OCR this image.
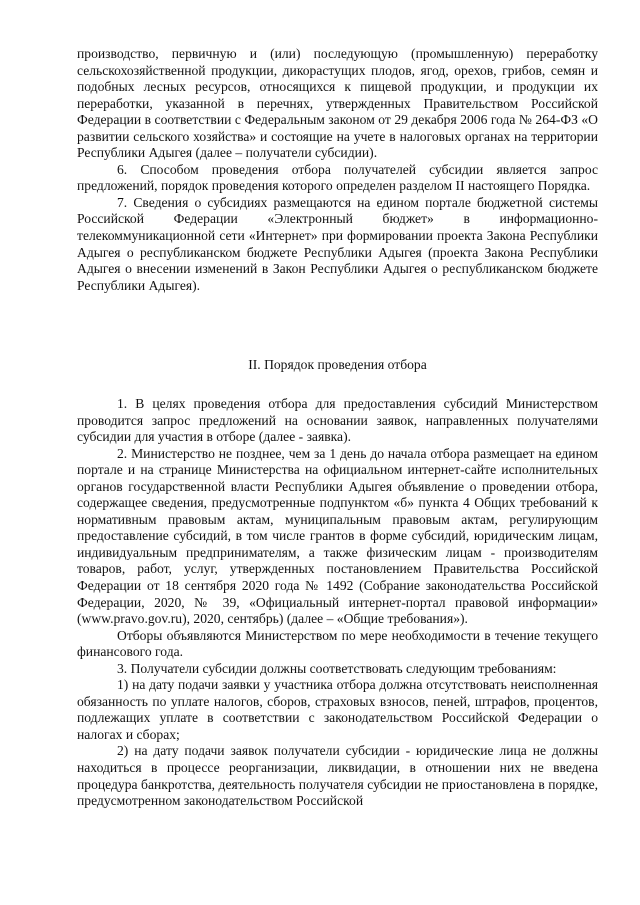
производство, первичную и (или) последующую (промышленную) переработку сельскохозяйственной продукции, дикорастущих плодов, ягод, орехов, грибов, семян и подобных лесных ресурсов, относящихся к пищевой продукции, и продукции их переработки, указанной в перечнях, утвержденных Правительством Российской Федерации в соответствии с Федеральным законом от 29 декабря 2006 года № 264-ФЗ «О развитии сельского хозяйства» и состоящие на учете в налоговых органах на территории Республики Адыгея (далее – получатели субсидии).

6. Способом проведения отбора получателей субсидии является запрос предложений, порядок проведения которого определен разделом II настоящего Порядка.

7. Сведения о субсидиях размещаются на едином портале бюджетной системы Российской Федерации «Электронный бюджет» в информационно-телекоммуникационной сети «Интернет» при формировании проекта Закона Республики Адыгея о республиканском бюджете Республики Адыгея (проекта Закона Республики Адыгея о внесении изменений в Закон Республики Адыгея о республиканском бюджете Республики Адыгея).

II. Порядок проведения отбора

1. В целях проведения отбора для предоставления субсидий Министерством проводится запрос предложений на основании заявок, направленных получателями субсидии для участия в отборе (далее - заявка).

2. Министерство не позднее, чем за 1 день до начала отбора размещает на едином портале и на странице Министерства на официальном интернет-сайте исполнительных органов государственной власти Республики Адыгея объявление о проведении отбора, содержащее сведения, предусмотренные подпунктом «б» пункта 4 Общих требований к нормативным правовым актам, муниципальным правовым актам, регулирующим предоставление субсидий, в том числе грантов в форме субсидий, юридическим лицам, индивидуальным предпринимателям, а также физическим лицам - производителям товаров, работ, услуг, утвержденных постановлением Правительства Российской Федерации от 18 сентября 2020 года № 1492 (Собрание законодательства Российской Федерации, 2020, № 39, «Официальный интернет-портал правовой информации» (www.pravo.gov.ru), 2020, сентябрь) (далее – «Общие требования»).

Отборы объявляются Министерством по мере необходимости в течение текущего финансового года.

3. Получатели субсидии должны соответствовать следующим требованиям:

1) на дату подачи заявки у участника отбора должна отсутствовать неисполненная обязанность по уплате налогов, сборов, страховых взносов, пеней, штрафов, процентов, подлежащих уплате в соответствии с законодательством Российской Федерации о налогах и сборах;

2) на дату подачи заявок получатели субсидии - юридические лица не должны находиться в процессе реорганизации, ликвидации, в отношении них не введена процедура банкротства, деятельность получателя субсидии не приостановлена в порядке, предусмотренном законодательством Российской
